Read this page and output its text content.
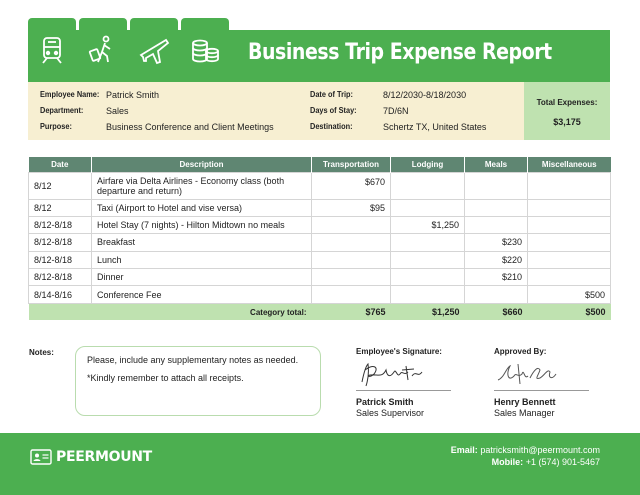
Business Trip Expense Report
Employee Name: Patrick Smith
Department:	Sales
Purpose:	Business Conference and Client Meetings
Date of Trip:	8/12/2030-8/18/2030
Days of Stay:	7D/6N
Destination:	Schertz TX, United States
Total Expenses:
$3,175
Date	Description	Transportation	Lodging	Meals	Miscellaneous
8/12	Airfare via Delta Airlines - Economy class (both departure and return)	$670			
8/12	Taxi (Airport to Hotel and vise versa)	$95			
8/12-8/18	Hotel Stay (7 nights) - Hilton Midtown no meals		$1,250		
8/12-8/18	Breakfast			$230	
8/12-8/18	Lunch			$220	
8/12-8/18	Dinner			$210	
8/14-8/16	Conference Fee				$500
Category total:		$765	$1,250	$660	$500
Notes:

Please, include any supplementary notes as needed.

*Kindly remember to attach all receipts.

Employee's Signature:
Patrick Smith
Sales Supervisor
Approved By:
Henry Bennett
Sales Manager
PEERMOUNT	Email: patricksmith@peermount.com
Mobile: +1 (574) 901-5467
